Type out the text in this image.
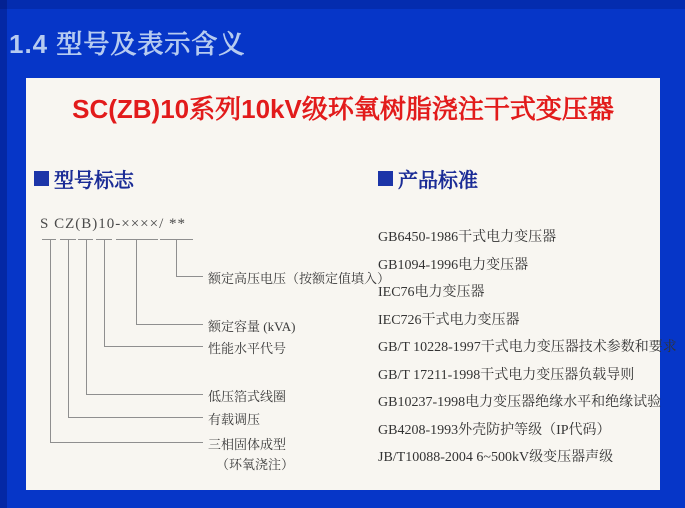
1.4 型号及表示含义
SC(ZB)10系列10kV级环氧树脂浇注干式变压器
型号标志	产品标准
S CZ(B)10-××××/ **
额定高压电压（按额定值填入）
额定容量 (kVA)
性能水平代号
低压箔式线圈
有载调压
三相固体成型
（环氧浇注）
GB6450-1986干式电力变压器
GB1094-1996电力变压器
IEC76电力变压器
IEC726干式电力变压器
GB/T 10228-1997干式电力变压器技术参数和要求
GB/T 17211-1998干式电力变压器负载导则
GB10237-1998电力变压器绝缘水平和绝缘试验
GB4208-1993外壳防护等级（IP代码）
JB/T10088-2004 6~500kV级变压器声级
